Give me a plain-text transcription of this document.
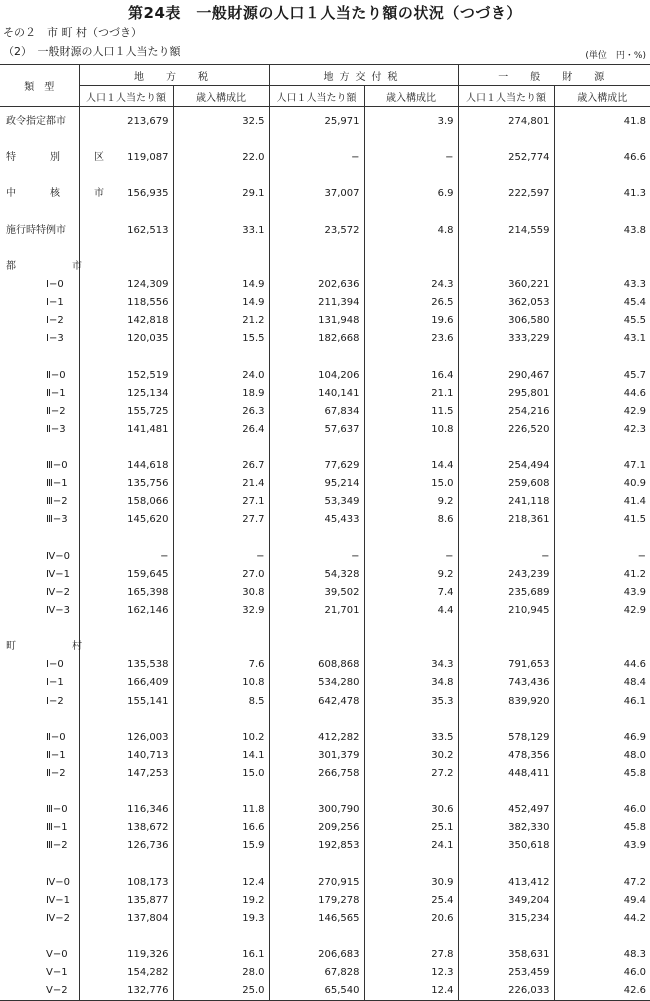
第24表　一般財源の人口１人当たり額の状況（つづき）
その２　市 町 村（つづき）
（2）　一般財源の人口１人当たり額	(単位　円・%)
類　型	地　方　税		地方交付税		一　般　財　源	
	人口１人当たり額	歳入構成比	人口１人当たり額	歳入構成比	人口１人当たり額	歳入構成比
政令指定都市	213,679	32.5	25,971	3.9	274,801	41.8

特　別　区	119,087	22.0	−	−	252,774	46.6

中　核　市	156,935	29.1	37,007	6.9	222,597	41.3

施行時特例市	162,513	33.1	23,572	4.8	214,559	43.8

都　　市						
Ⅰ−0	124,309	14.9	202,636	24.3	360,221	43.3
Ⅰ−1	118,556	14.9	211,394	26.5	362,053	45.4
Ⅰ−2	142,818	21.2	131,948	19.6	306,580	45.5
Ⅰ−3	120,035	15.5	182,668	23.6	333,229	43.1

Ⅱ−0	152,519	24.0	104,206	16.4	290,467	45.7
Ⅱ−1	125,134	18.9	140,141	21.1	295,801	44.6
Ⅱ−2	155,725	26.3	67,834	11.5	254,216	42.9
Ⅱ−3	141,481	26.4	57,637	10.8	226,520	42.3

Ⅲ−0	144,618	26.7	77,629	14.4	254,494	47.1
Ⅲ−1	135,756	21.4	95,214	15.0	259,608	40.9
Ⅲ−2	158,066	27.1	53,349	9.2	241,118	41.4
Ⅲ−3	145,620	27.7	45,433	8.6	218,361	41.5

Ⅳ−0	−	−	−	−	−	−
Ⅳ−1	159,645	27.0	54,328	9.2	243,239	41.2
Ⅳ−2	165,398	30.8	39,502	7.4	235,689	43.9
Ⅳ−3	162,146	32.9	21,701	4.4	210,945	42.9

町　　村						
Ⅰ−0	135,538	7.6	608,868	34.3	791,653	44.6
Ⅰ−1	166,409	10.8	534,280	34.8	743,436	48.4
Ⅰ−2	155,141	8.5	642,478	35.3	839,920	46.1

Ⅱ−0	126,003	10.2	412,282	33.5	578,129	46.9
Ⅱ−1	140,713	14.1	301,379	30.2	478,356	48.0
Ⅱ−2	147,253	15.0	266,758	27.2	448,411	45.8

Ⅲ−0	116,346	11.8	300,790	30.6	452,497	46.0
Ⅲ−1	138,672	16.6	209,256	25.1	382,330	45.8
Ⅲ−2	126,736	15.9	192,853	24.1	350,618	43.9

Ⅳ−0	108,173	12.4	270,915	30.9	413,412	47.2
Ⅳ−1	135,877	19.2	179,278	25.4	349,204	49.4
Ⅳ−2	137,804	19.3	146,565	20.6	315,234	44.2

Ⅴ−0	119,326	16.1	206,683	27.8	358,631	48.3
Ⅴ−1	154,282	28.0	67,828	12.3	253,459	46.0
Ⅴ−2	132,776	25.0	65,540	12.4	226,033	42.6
